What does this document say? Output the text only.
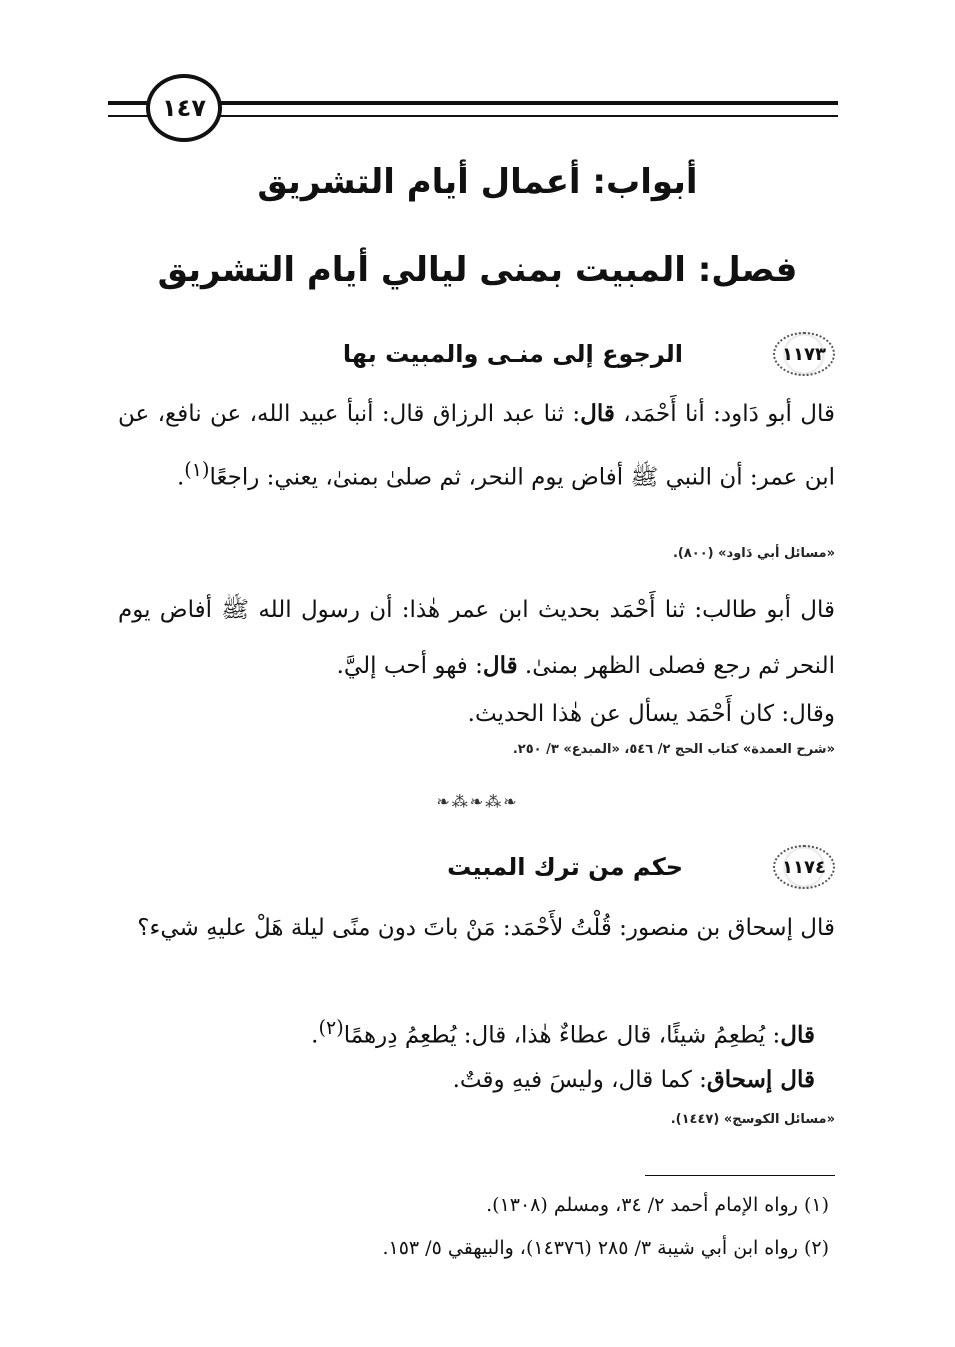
١٤٧
أبواب: أعمال أيام التشريق
فصل: المبيت بمنى ليالي أيام التشريق
١١٧٣
الرجوع إلى منـى والمبيت بها
قال أبو دَاود: أنا أَحْمَد، قال: ثنا عبد الرزاق قال: أنبأ عبيد الله، عن نافع، عن ابن عمر: أن النبي ﷺ أفاض يوم النحر، ثم صلىٰ بمنىٰ، يعني: راجعًا$^{(١)}$.
«مسائل أبي دَاود» (٨٠٠).
قال أبو طالب: ثنا أَحْمَد بحديث ابن عمر هٰذا: أن رسول الله ﷺ أفاض يوم النحر ثم رجع فصلى الظهر بمنىٰ. قال: فهو أحب إليَّ.
وقال: كان أَحْمَد يسأل عن هٰذا الحديث.
«شرح العمدة» كتاب الحج ٢/ ٥٤٦، «المبدع» ٣/ ٢٥٠.
❧⁂❧⁂❧
١١٧٤
حكم من ترك المبيت
قال إسحاق بن منصور: قُلْتُ لأَحْمَد: مَنْ باتَ دون منًى ليلة هَلْ عليهِ شيء؟
قال: يُطعِمُ شيئًا، قال عطاءٌ هٰذا، قال: يُطعِمُ دِرهمًا$^{(٢)}$.
قال إسحاق: كما قال، وليسَ فيهِ وقتٌ.
«مسائل الكوسج» (١٤٤٧).
(١) رواه الإمام أحمد ٢/ ٣٤، ومسلم (١٣٠٨).
(٢) رواه ابن أبي شيبة ٣/ ٢٨٥ (١٤٣٧٦)، والبيهقي ٥/ ١٥٣.
